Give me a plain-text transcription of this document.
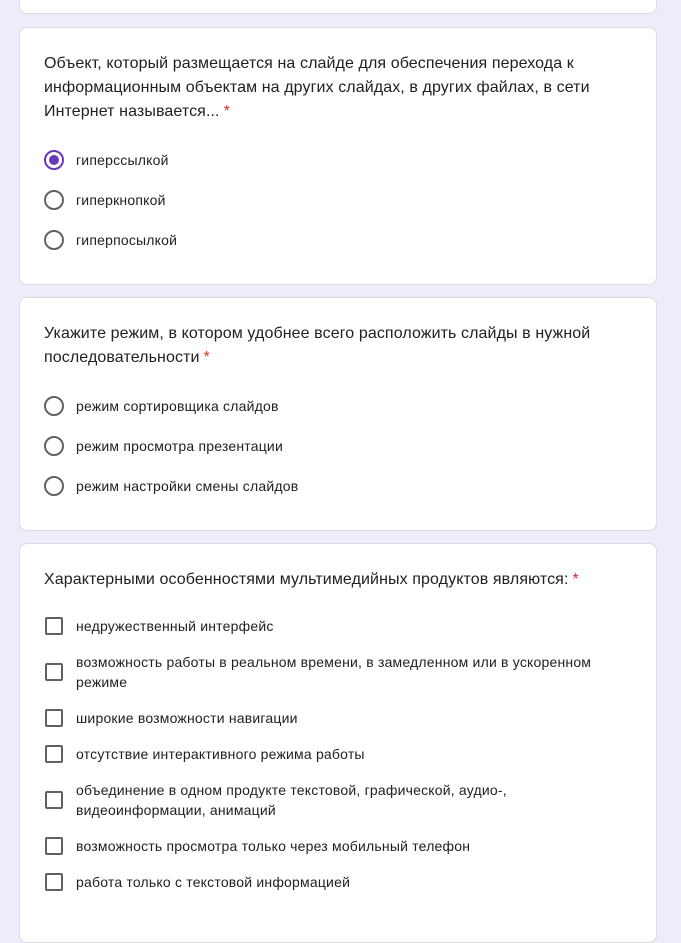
Объект, который размещается на слайде для обеспечения перехода к информационным объектам на других слайдах, в других файлах, в сети Интернет называется... *

гиперссылкой
гиперкнопкой
гиперпосылкой

Укажите режим, в котором удобнее всего расположить слайды в нужной последовательности *

режим сортировщика слайдов
режим просмотра презентации
режим настройки смены слайдов

Характерными особенностями мультимедийных продуктов являются: *

недружественный интерфейс
возможность работы в реальном времени, в замедленном или в ускоренном режиме
широкие возможности навигации
отсутствие интерактивного режима работы
объединение в одном продукте текстовой, графической, аудио-, видеоинформации, анимаций
возможность просмотра только через мобильный телефон
работа только с текстовой информацией
